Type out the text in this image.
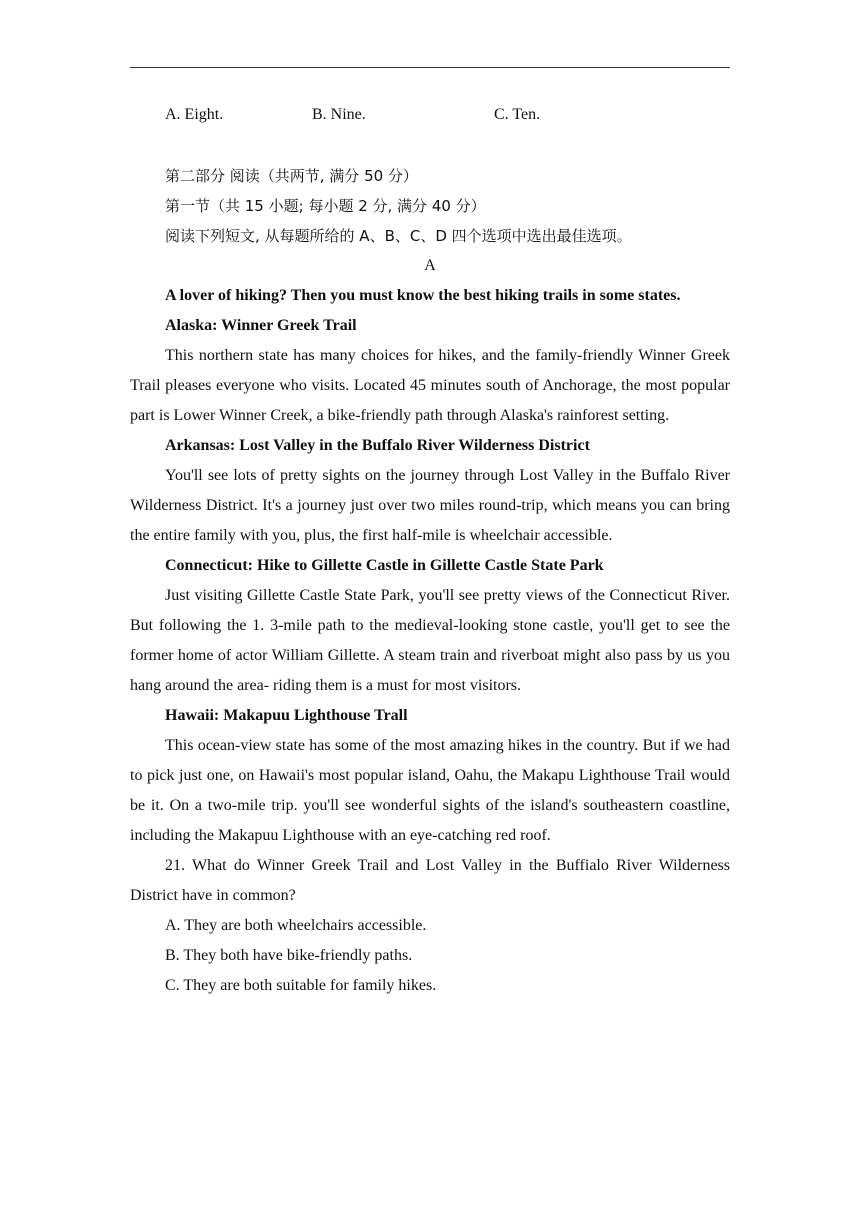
A. Eight.	B. Nine.	C. Ten.
第二部分 阅读（共两节, 满分 50 分）
第一节（共 15 小题; 每小题 2 分, 满分 40 分）
阅读下列短文, 从每题所给的 A、B、C、D 四个选项中选出最佳选项。
A
A lover of hiking? Then you must know the best hiking trails in some states.
Alaska: Winner Greek Trail

This northern state has many choices for hikes, and the family-friendly Winner Greek Trail pleases everyone who visits. Located 45 minutes south of Anchorage, the most popular part is Lower Winner Creek, a bike-friendly path through Alaska's rainforest setting.

Arkansas: Lost Valley in the Buffalo River Wilderness District

You'll see lots of pretty sights on the journey through Lost Valley in the Buffalo River Wilderness District. It's a journey just over two miles round-trip, which means you can bring the entire family with you, plus, the first half-mile is wheelchair accessible.

Connecticut: Hike to Gillette Castle in Gillette Castle State Park

Just visiting Gillette Castle State Park, you'll see pretty views of the Connecticut River. But following the 1. 3-mile path to the medieval-looking stone castle, you'll get to see the former home of actor William Gillette. A steam train and riverboat might also pass by us you hang around the area- riding them is a must for most visitors.

Hawaii: Makapuu Lighthouse Trall

This ocean-view state has some of the most amazing hikes in the country. But if we had to pick just one, on Hawaii's most popular island, Oahu, the Makapu Lighthouse Trail would be it. On a two-mile trip. you'll see wonderful sights of the island's southeastern coastline, including the Makapuu Lighthouse with an eye-catching red roof.

21. What do Winner Greek Trail and Lost Valley in the Buffialo River Wilderness District have in common?

A. They are both wheelchairs accessible.
B. They both have bike-friendly paths.
C. They are both suitable for family hikes.
